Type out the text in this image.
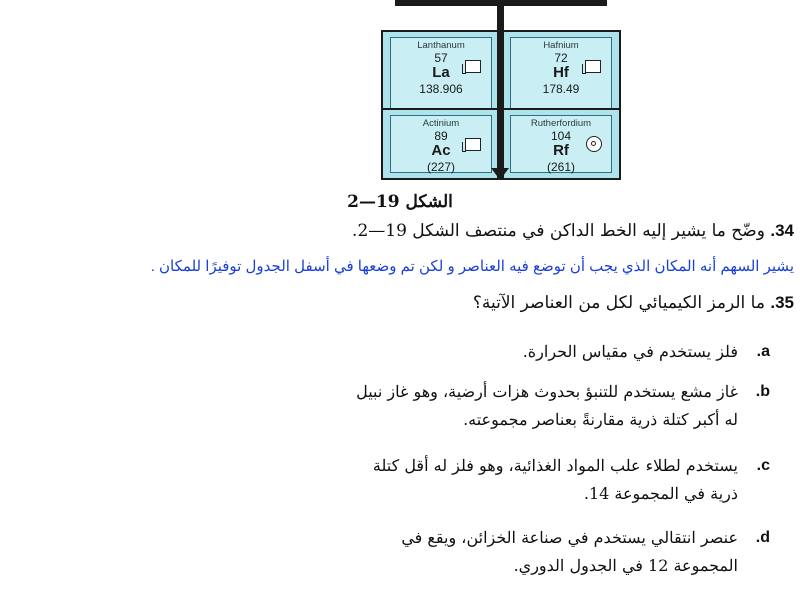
Lanthanum
57
La
138.906
Hafnium
72
Hf
178.49
Actinium
89
Ac
(227)
Rutherfordium
104
Rf
(261)
الشكل 19—2
34. وضّح ما يشير إليه الخط الداكن في منتصف الشكل 19—2.
يشير السهم أنه المكان الذي يجب أن توضع فيه العناصر و لكن تم وضعها في أسفل الجدول توفيرًا للمكان .
35. ما الرمز الكيميائي لكل من العناصر الآتية؟
a.
فلز يستخدم في مقياس الحرارة.
b.
غاز مشع يستخدم للتنبؤ بحدوث هزات أرضية، وهو غاز نبيل له أكبر كتلة ذرية مقارنةً بعناصر مجموعته.
c.
يستخدم لطلاء علب المواد الغذائية، وهو فلز له أقل كتلة ذرية في المجموعة 14.
d.
عنصر انتقالي يستخدم في صناعة الخزائن، ويقع في المجموعة 12 في الجدول الدوري.
